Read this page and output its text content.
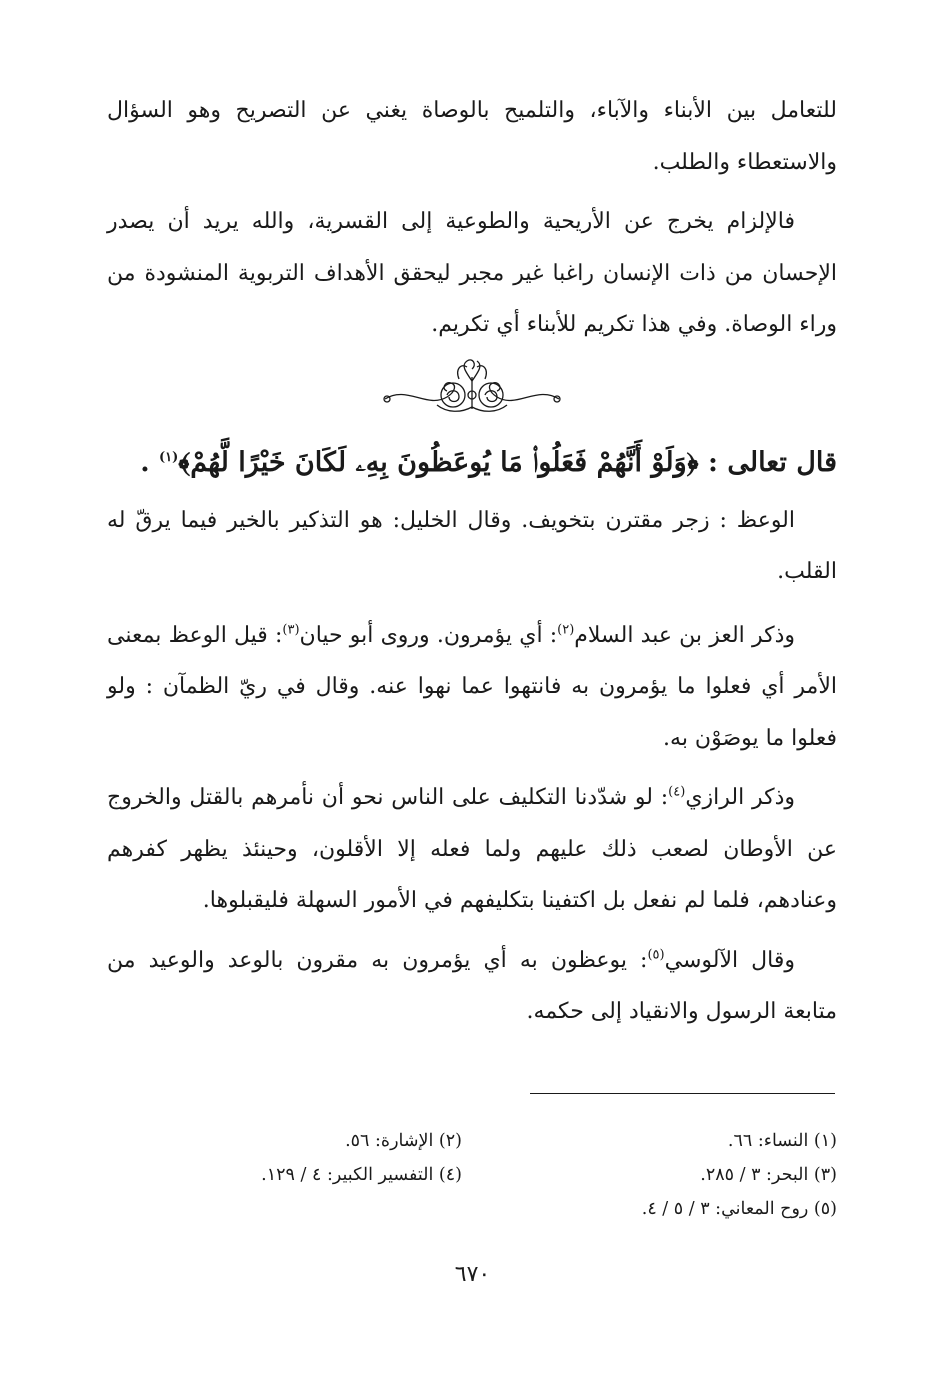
للتعامل بين الأبناء والآباء، والتلميح بالوصاة يغني عن التصريح وهو السؤال والاستعطاء والطلب.

فالإلزام يخرج عن الأريحية والطوعية إلى القسرية، والله يريد أن يصدر الإحسان من ذات الإنسان راغبا غير مجبر ليحقق الأهداف التربوية المنشودة من وراء الوصاة. وفي هذا تكريم للأبناء أي تكريم.

قال تعالى : ﴿وَلَوْ أَنَّهُمْ فَعَلُوا۟ مَا يُوعَظُونَ بِهِۦ لَكَانَ خَيْرًا لَّهُمْ﴾$^{(١)}$ .

الوعظ : زجر مقترن بتخويف. وقال الخليل: هو التذكير بالخير فيما يرقّ له القلب.

وذكر العز بن عبد السلام$^{(٢)}$: أي يؤمرون. وروى أبو حيان$^{(٣)}$: قيل الوعظ بمعنى الأمر أي فعلوا ما يؤمرون به فانتهوا عما نهوا عنه. وقال في ريّ الظمآن : ولو فعلوا ما يوصَوْن به.

وذكر الرازي$^{(٤)}$: لو شدّدنا التكليف على الناس نحو أن نأمرهم بالقتل والخروج عن الأوطان لصعب ذلك عليهم ولما فعله إلا الأقلون، وحينئذ يظهر كفرهم وعنادهم، فلما لم نفعل بل اكتفينا بتكليفهم في الأمور السهلة فليقبلوها.

وقال الآلوسي$^{(٥)}$: يوعظون به أي يؤمرون به مقرون بالوعد والوعيد من متابعة الرسول والانقياد إلى حكمه.

(١) النساء: ٦٦.
(٢) الإشارة: ٥٦.
(٣) البحر: ٣ / ٢٨٥.
(٤) التفسير الكبير: ٤ / ١٢٩.
(٥) روح المعاني: ٣ / ٥ / ٤.
٦٧٠
